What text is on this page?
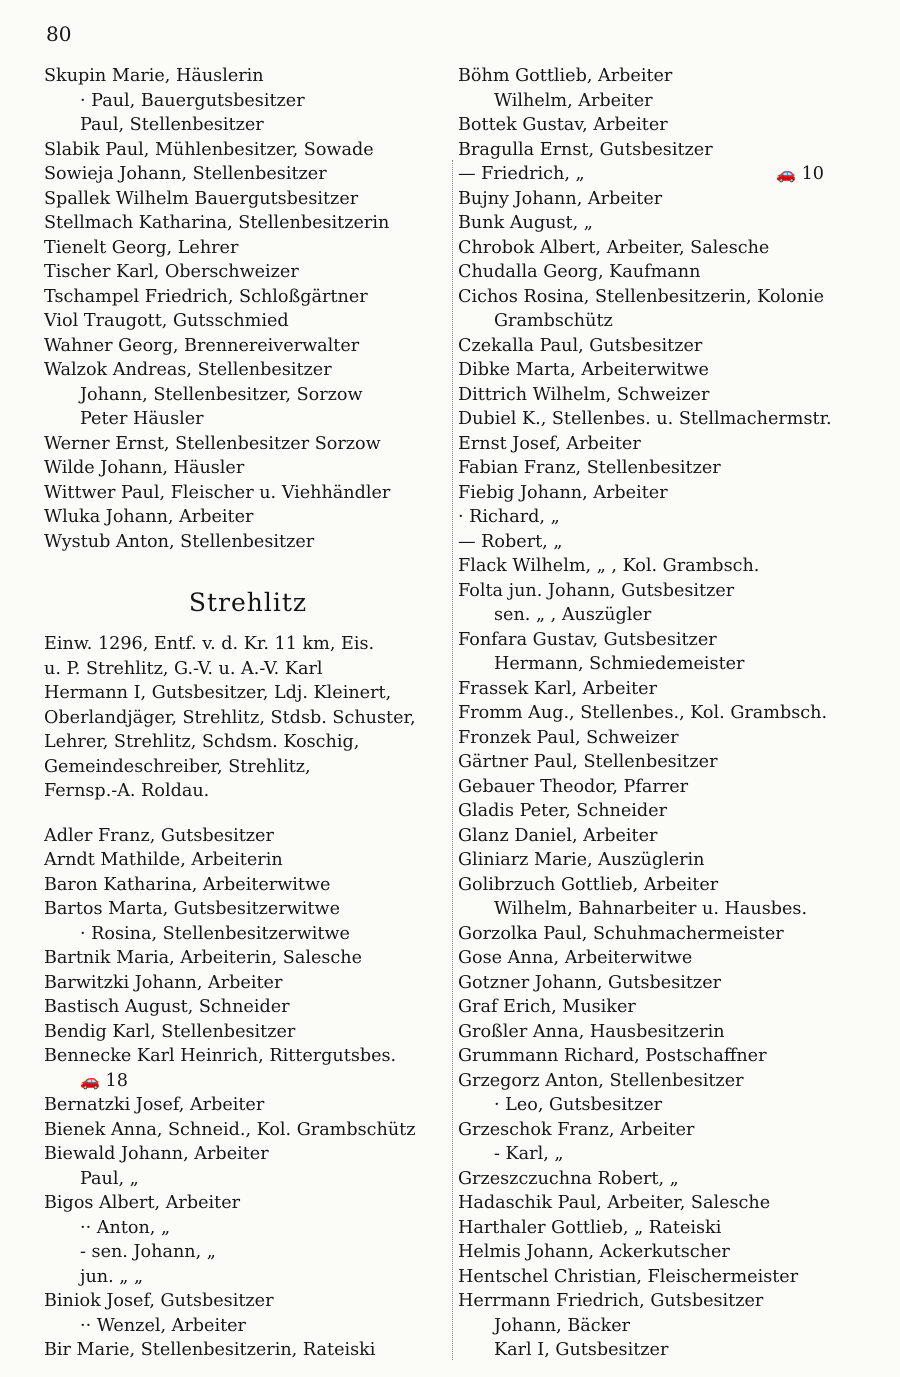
80
Skupin Marie, Häuslerin
· Paul, Bauergutsbesitzer
Paul, Stellenbesitzer
Slabik Paul, Mühlenbesitzer, Sowade
Sowieja Johann, Stellenbesitzer
Spallek Wilhelm Bauergutsbesitzer
Stellmach Katharina, Stellenbesitzerin
Tienelt Georg, Lehrer
Tischer Karl, Oberschweizer
Tschampel Friedrich, Schloßgärtner
Viol Traugott, Gutsschmied
Wahner Georg, Brennereiverwalter
Walzok Andreas, Stellenbesitzer
Johann, Stellenbesitzer, Sorzow
Peter Häusler
Werner Ernst, Stellenbesitzer Sorzow
Wilde Johann, Häusler
Wittwer Paul, Fleischer u. Viehhändler
Wluka Johann, Arbeiter
Wystub Anton, Stellenbesitzer
Strehlitz
Einw. 1296, Entf. v. d. Kr. 11 km, Eis.
u. P. Strehlitz, G.-V. u. A.-V. Karl
Hermann I, Gutsbesitzer, Ldj. Kleinert,
Oberlandjäger, Strehlitz, Stdsb. Schuster,
Lehrer, Strehlitz, Schdsm. Koschig,
Gemeindeschreiber, Strehlitz,
Fernsp.-A. Roldau.
Adler Franz, Gutsbesitzer
Arndt Mathilde, Arbeiterin
Baron Katharina, Arbeiterwitwe
Bartos Marta, Gutsbesitzerwitwe
· Rosina, Stellenbesitzerwitwe
Bartnik Maria, Arbeiterin, Salesche
Barwitzki Johann, Arbeiter
Bastisch August, Schneider
Bendig Karl, Stellenbesitzer
Bennecke Karl Heinrich, Rittergutsbes.
🚗 18
Bernatzki Josef, Arbeiter
Bienek Anna, Schneid., Kol. Grambschütz
Biewald Johann, Arbeiter
Paul, „
Bigos Albert, Arbeiter
·· Anton, „
- sen. Johann, „
jun. „ „
Biniok Josef, Gutsbesitzer
·· Wenzel, Arbeiter
Bir Marie, Stellenbesitzerin, Rateiski
Böhm Gottlieb, Arbeiter
Wilhelm, Arbeiter
Bottek Gustav, Arbeiter
Bragulla Ernst, Gutsbesitzer
— Friedrich, „	🚗 10
Bujny Johann, Arbeiter
Bunk August, „
Chrobok Albert, Arbeiter, Salesche
Chudalla Georg, Kaufmann
Cichos Rosina, Stellenbesitzerin, Kolonie
Grambschütz
Czekalla Paul, Gutsbesitzer
Dibke Marta, Arbeiterwitwe
Dittrich Wilhelm, Schweizer
Dubiel K., Stellenbes. u. Stellmachermstr.
Ernst Josef, Arbeiter
Fabian Franz, Stellenbesitzer
Fiebig Johann, Arbeiter
· Richard, „
— Robert, „
Flack Wilhelm, „ , Kol. Grambsch.
Folta jun. Johann, Gutsbesitzer
sen. „ , Auszügler
Fonfara Gustav, Gutsbesitzer
Hermann, Schmiedemeister
Frassek Karl, Arbeiter
Fromm Aug., Stellenbes., Kol. Grambsch.
Fronzek Paul, Schweizer
Gärtner Paul, Stellenbesitzer
Gebauer Theodor, Pfarrer
Gladis Peter, Schneider
Glanz Daniel, Arbeiter
Gliniarz Marie, Auszüglerin
Golibrzuch Gottlieb, Arbeiter
Wilhelm, Bahnarbeiter u. Hausbes.
Gorzolka Paul, Schuhmachermeister
Gose Anna, Arbeiterwitwe
Gotzner Johann, Gutsbesitzer
Graf Erich, Musiker
Großler Anna, Hausbesitzerin
Grummann Richard, Postschaffner
Grzegorz Anton, Stellenbesitzer
· Leo, Gutsbesitzer
Grzeschok Franz, Arbeiter
- Karl, „
Grzeszczuchna Robert, „
Hadaschik Paul, Arbeiter, Salesche
Harthaler Gottlieb, „ Rateiski
Helmis Johann, Ackerkutscher
Hentschel Christian, Fleischermeister
Herrmann Friedrich, Gutsbesitzer
Johann, Bäcker
Karl I, Gutsbesitzer
